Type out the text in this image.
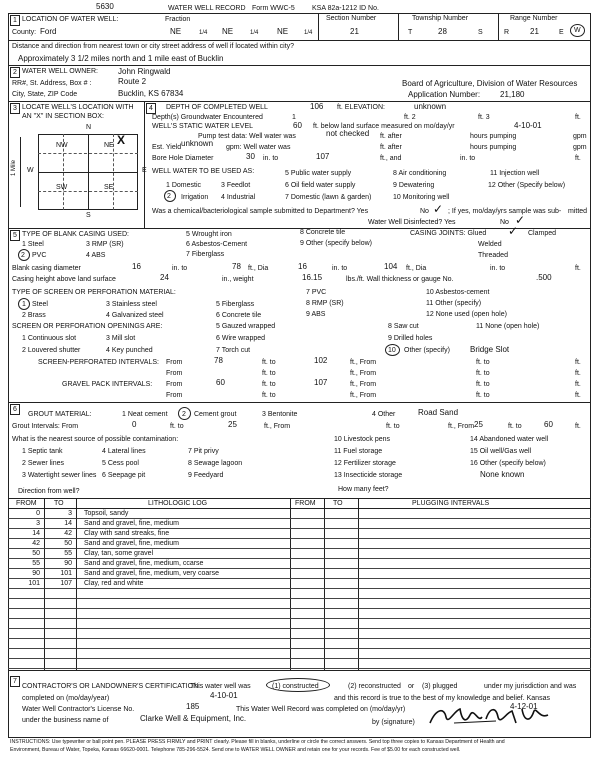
5630	WATER WELL RECORD Form WWC-5 KSA 82a-1212 ID No.
1 LOCATION OF WATER WELL:
County: Ford
Fraction
NE	1/4 NE	1/4 NE	1/4
Section Number
21
Township Number
T	28	S
Range Number
R	21	E W
Distance and direction from nearest town or city street address of well if located within city?
Approximately 3 1/2 miles north and 1 mile east of Bucklin
2 WATER WELL OWNER:	John Ringwald
RR#, St. Address, Box # :	Route 2
City, State, ZIP Code	Bucklin, KS 67834
Board of Agriculture, Division of Water Resources
Application Number: 21,180
3 LOCATE WELL'S LOCATION WITH
AN "X" IN SECTION BOX:
N
S
W	E
1 Mile
NW	NE
SW	SE
X
4	DEPTH OF COMPLETED WELL	106 ft. ELEVATION:	unknown
Depth(s) Groundwater Encountered	1	ft. 2	ft. 3	ft.
WELL'S STATIC WATER LEVEL	60 ft. below land surface measured on mo/day/yr	4-10-01
Pump test data: Well water was	not checked ft. after	hours pumping	gpm
Est. Yield unknown gpm: Well water was	ft. after	hours pumping	gpm
Bore Hole Diameter	30 in. to	107	ft., and	in. to	ft.
WELL WATER TO BE USED AS:
1 Domestic	3 Feedlot
5 Public water supply	8 Air conditioning	11 Injection well
6 Oil field water supply	9 Dewatering	12 Other (Specify below)
2 Irrigation 4 Industrial	7 Domestic (lawn & garden)	10 Monitoring well
Was a chemical/bacteriological sample submitted to Department? Yes	No ✓ ; If yes, mo/day/yrs sample was sub- mitted
Water Well Disinfected? Yes	No ✓
5 TYPE OF BLANK CASING USED:
1 Steel	3 RMP (SR)
5 Wrought iron
6 Asbestos-Cement
7 Fiberglass
8 Concrete tile
9 Other (specify below)
2 PVC	4 ABS
CASING JOINTS: Glued ✓ Clamped
Welded
Threaded
Blank casing diameter	16	in. to	78 ft., Dia	16	in. to	104 ft., Dia	in. to	ft.
Casing height above land surface	24	in., weight	16.15	lbs./ft. Wall thickness or gauge No.	.500
TYPE OF SCREEN OR PERFORATION MATERIAL:
1 Steel	3 Stainless steel	5 Fiberglass
7 PVC
8 RMP (SR)
9 ABS
10 Asbestos-cement
11 Other (specify)
12 None used (open hole)
2 Brass	4 Galvanized steel	6 Concrete tile
SCREEN OR PERFORATION OPENINGS ARE:	5 Gauzed wrapped	8 Saw cut	11 None (open hole)
1 Continuous slot	3 Mill slot	6 Wire wrapped	9 Drilled holes
2 Louvered shutter	4 Key punched	7 Torch cut	10 Other (specify)	Bridge Slot
SCREEN-PERFORATED INTERVALS: From	78	ft. to	102	ft., From	ft. to	ft.
From	ft. to	ft., From	ft. to	ft.
GRAVEL PACK INTERVALS: From	60	ft. to	107	ft., From	ft. to	ft.
From	ft. to	ft., From	ft. to	ft.
6
GROUT MATERIAL:	1 Neat cement 2 Cement grout	3 Bentonite	4 Other	Road Sand
Grout Intervals: From	0	ft. to	25	ft., From	ft. to	ft., From 25	ft. to	60	ft.
What is the nearest source of possible contamination:
1 Septic tank	4 Lateral lines	7 Pit privy
10 Livestock pens	14 Abandoned water well
2 Sewer lines	5 Cess pool	8 Sewage lagoon
11 Fuel storage	15 Oil well/Gas well
3 Watertight sewer lines 6 Seepage pit	9 Feedyard
12 Fertilizer storage	16 Other (specify below)
13 Insecticide storage	None known
Direction from well?	How many feet?
FROM TO	LITHOLOGIC LOG	FROM TO	PLUGGING INTERVALS
0	3 Topsoil, sandy
3	14 Sand and gravel, fine, medium
14	42 Clay with sand streaks, fine
42	50 Sand and gravel, fine, medium
50	55 Clay, tan, some gravel
55	90 Sand and gravel, fine, medium, ccarse
90	101 Sand and gravel, fine, medium, very coarse
101	107 Clay, red and white
7
CONTRACTOR'S OR LANDOWNER'S CERTIFICATION:
This water well was	(1) constructed	(2) reconstructed or (3) plugged	under my jurisdiction and was
completed on (mo/day/year)	4-10-01	and this record is true to the best of my knowledge and belief. Kansas
Water Well Contractor's License No.	185	This Water Well Record was completed on (mo/day/yr)	4-12-01
under the business name of	Clarke Well & Equipment, Inc.	by (signature)
INSTRUCTIONS: Use typewriter or ball point pen. PLEASE PRESS FIRMLY and PRINT clearly. Please fill in blanks, underline or circle the correct answers. Send top three copies to Kansas Department of Health and
Environment, Bureau of Water, Topeka, Kansas 66620-0001. Telephone 785-296-5524. Send one to WATER WELL OWNER and retain one for your records. Fee of $5.00 for each constructed well.
